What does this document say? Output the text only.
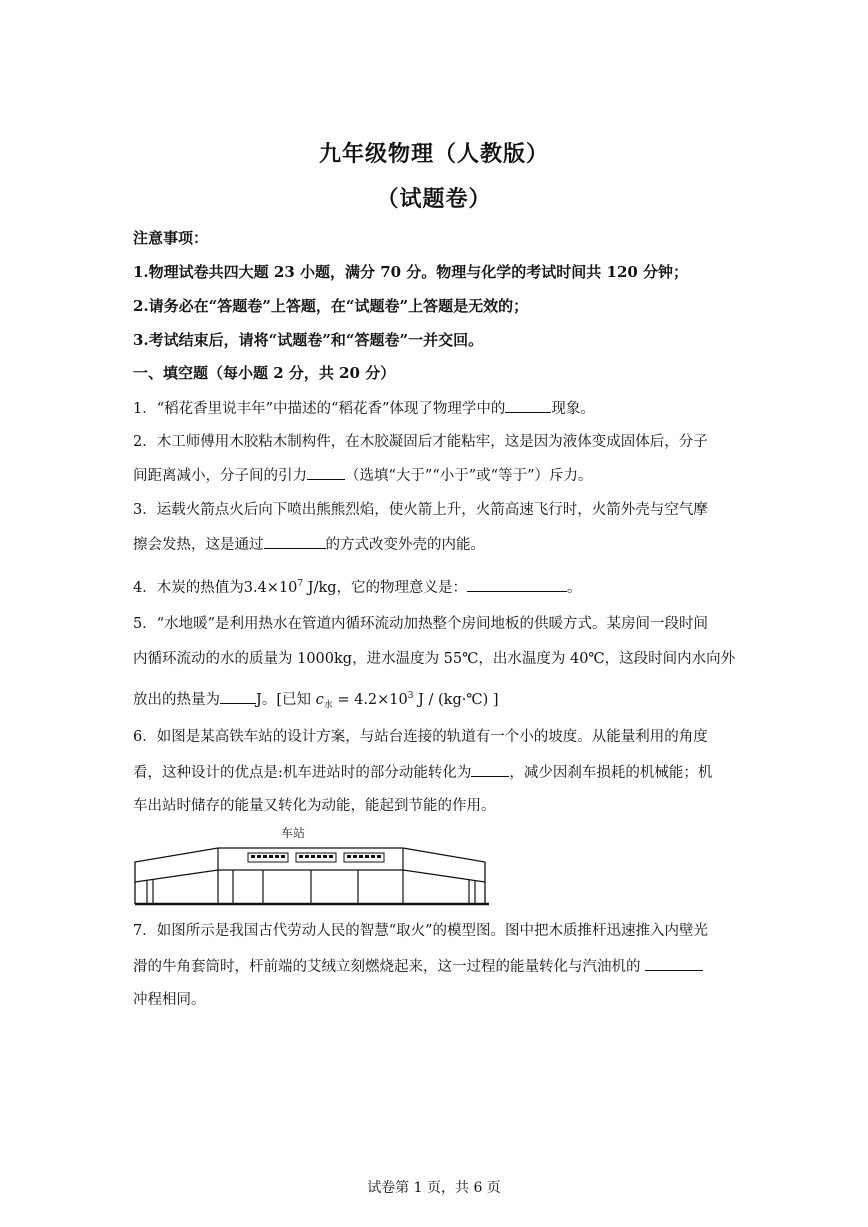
九年级物理（人教版）
（试题卷）
注意事项：
1.物理试卷共四大题 23 小题，满分 70 分。物理与化学的考试时间共 120 分钟；
2.请务必在“答题卷”上答题，在“试题卷”上答题是无效的；
3.考试结束后，请将“试题卷”和“答题卷”一并交回。
一、填空题（每小题 2 分，共 20 分）
1．“稻花香里说丰年”中描述的“稻花香”体现了物理学中的	现象。
2．木工师傅用木胶粘木制构件，在木胶凝固后才能粘牢，这是因为液体变成固体后，分子
间距离减小，分子间的引力	（选填“大于”“小于”或“等于”）斥力。
3．运载火箭点火后向下喷出熊熊烈焰，使火箭上升，火箭高速飞行时，火箭外壳与空气摩
擦会发热，这是通过	的方式改变外壳的内能。
4．木炭的热值为$3.4\times 10^7$ J/kg，它的物理意义是：	。
5．“水地暖”是利用热水在管道内循环流动加热整个房间地板的供暖方式。某房间一段时间
内循环流动的水的质量为 1000kg，进水温度为 55℃，出水温度为 40℃，这段时间内水向外
放出的热量为 J。[已知 $c_水 = 4.2\times 10^3$ J / (kg·℃) ]
6．如图是某高铁车站的设计方案，与站台连接的轨道有一个小的坡度。从能量利用的角度
看，这种设计的优点是:机车进站时的部分动能转化为	，减少因刹车损耗的机械能；机
车出站时储存的能量又转化为动能，能起到节能的作用。
车站
7．如图所示是我国古代劳动人民的智慧“取火”的模型图。图中把木质推杆迅速推入内壁光
滑的牛角套筒时，杆前端的艾绒立刻燃烧起来，这一过程的能量转化与汽油机的
冲程相同。
试卷第 1 页，共 6 页
